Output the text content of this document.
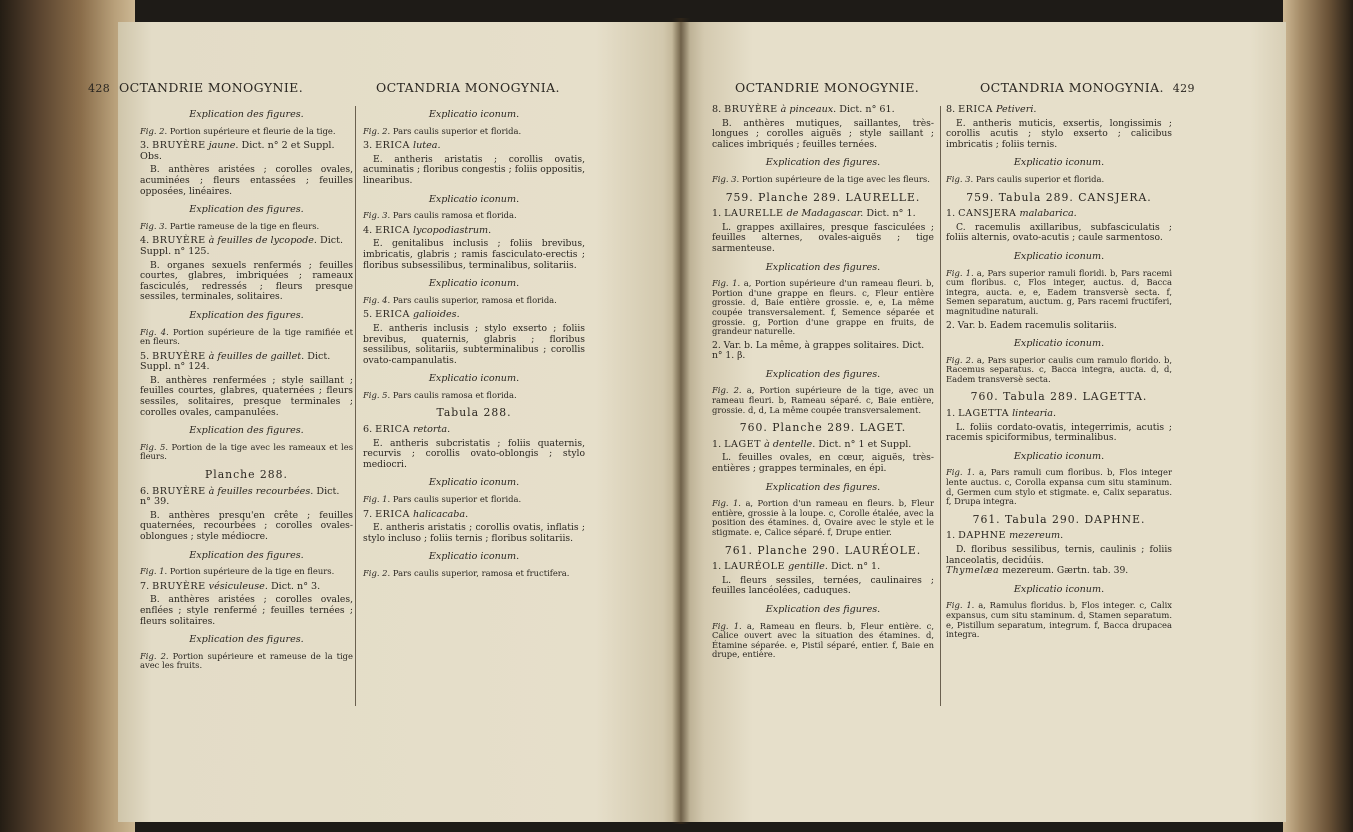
428 OCTANDRIE MONOGYNIE.	OCTANDRIA MONOGYNIA.
Explication des figures.
Fig. 2. Portion supérieure et fleurie de la tige.
3. BRUYÈRE jaune. Dict. n° 2 et Suppl. Obs.
B. anthères aristées ; corolles ovales, acuminées ; fleurs entassées ; feuilles opposées, linéaires.
Explication des figures.
Fig. 3. Partie rameuse de la tige en fleurs.
4. BRUYÈRE à feuilles de lycopode. Dict. Suppl. n° 125.
B. organes sexuels renfermés ; feuilles courtes, glabres, imbriquées ; rameaux fasciculés, redressés ; fleurs presque sessiles, terminales, solitaires.
Explication des figures.
Fig. 4. Portion supérieure de la tige ramifiée et en fleurs.
5. BRUYÈRE à feuilles de gaillet. Dict. Suppl. n° 124.
B. anthères renfermées ; style saillant ; feuilles courtes, glabres, quaternées ; fleurs sessiles, solitaires, presque terminales ; corolles ovales, campanulées.
Explication des figures.
Fig. 5. Portion de la tige avec les rameaux et les fleurs.
Planche 288.
6. BRUYÈRE à feuilles recourbées. Dict. n° 39.
B. anthères presqu'en crête ; feuilles quaternées, recourbées ; corolles ovales-oblongues ; style médiocre.
Explication des figures.
Fig. 1. Portion supérieure de la tige en fleurs.
7. BRUYÈRE vésiculeuse. Dict. n° 3.
B. anthères aristées ; corolles ovales, enflées ; style renfermé ; feuilles ternées ; fleurs solitaires.
Explication des figures.
Fig. 2. Portion supérieure et rameuse de la tige avec les fruits.
Explicatio iconum.
Fig. 2. Pars caulis superior et florida.
3. ERICA lutea.
E. antheris aristatis ; corollis ovatis, acuminatis ; floribus congestis ; foliis oppositis, linearibus.
Explicatio iconum.
Fig. 3. Pars caulis ramosa et florida.
4. ERICA lycopodiastrum.
E. genitalibus inclusis ; foliis brevibus, imbricatis, glabris ; ramis fasciculato-erectis ; floribus subsessilibus, terminalibus, solitariis.
Explicatio iconum.
Fig. 4. Pars caulis superior, ramosa et florida.
5. ERICA galioides.
E. antheris inclusis ; stylo exserto ; foliis brevibus, quaternis, glabris ; floribus sessilibus, solitariis, subterminalibus ; corollis ovato-campanulatis.
Explicatio iconum.
Fig. 5. Pars caulis ramosa et florida.
Tabula 288.
6. ERICA retorta.
E. antheris subcristatis ; foliis quaternis, recurvis ; corollis ovato-oblongis ; stylo mediocri.
Explicatio iconum.
Fig. 1. Pars caulis superior et florida.
7. ERICA halicacaba.
E. antheris aristatis ; corollis ovatis, inflatis ; stylo incluso ; foliis ternis ; floribus solitariis.
Explicatio iconum.
Fig. 2. Pars caulis superior, ramosa et fructifera.
OCTANDRIE MONOGYNIE.	OCTANDRIA MONOGYNIA. 429
8. BRUYÈRE à pinceaux. Dict. n° 61.
B. anthères mutiques, saillantes, très-longues ; corolles aiguës ; style saillant ; calices imbriqués ; feuilles ternées.
Explication des figures.
Fig. 3. Portion supérieure de la tige avec les fleurs.
759. Planche 289. LAURELLE.
1. LAURELLE de Madagascar. Dict. n° 1.
L. grappes axillaires, presque fasciculées ; feuilles alternes, ovales-aiguës ; tige sarmenteuse.
Explication des figures.
Fig. 1. a, Portion supérieure d'un rameau fleuri. b, Portion d'une grappe en fleurs. c, Fleur entière grossie. d, Baie entière grossie. e, e, La même coupée transversalement. f, Semence séparée et grossie. g, Portion d'une grappe en fruits, de grandeur naturelle.
2. Var. b. La même, à grappes solitaires. Dict. n° 1. β.
Explication des figures.
Fig. 2. a, Portion supérieure de la tige, avec un rameau fleuri. b, Rameau séparé. c, Baie entière, grossie. d, d, La même coupée transversalement.
760. Planche 289. LAGET.
1. LAGET à dentelle. Dict. n° 1 et Suppl.
L. feuilles ovales, en cœur, aiguës, très-entières ; grappes terminales, en épi.
Explication des figures.
Fig. 1. a, Portion d'un rameau en fleurs. b, Fleur entière, grossie à la loupe. c, Corolle étalée, avec la position des étamines. d, Ovaire avec le style et le stigmate. e, Calice séparé. f, Drupe entier.
761. Planche 290. LAURÉOLE.
1. LAURÉOLE gentille. Dict. n° 1.
L. fleurs sessiles, ternées, caulinaires ; feuilles lancéolées, caduques.
Explication des figures.
Fig. 1. a, Rameau en fleurs. b, Fleur entière. c, Calice ouvert avec la situation des étamines. d, Étamine séparée. e, Pistil séparé, entier. f, Baie en drupe, entière.
8. ERICA Petiveri.
E. antheris muticis, exsertis, longissimis ; corollis acutis ; stylo exserto ; calicibus imbricatis ; foliis ternis.
Explicatio iconum.
Fig. 3. Pars caulis superior et florida.
759. Tabula 289. CANSJERA.
1. CANSJERA malabarica.
C. racemulis axillaribus, subfasciculatis ; foliis alternis, ovato-acutis ; caule sarmentoso.
Explicatio iconum.
Fig. 1. a, Pars superior ramuli floridi. b, Pars racemi cum floribus. c, Flos integer, auctus. d, Bacca integra, aucta. e, e, Eadem transversè secta. f, Semen separatum, auctum. g, Pars racemi fructiferi, magnitudine naturali.
2. Var. b. Eadem racemulis solitariis.
Explicatio iconum.
Fig. 2. a, Pars superior caulis cum ramulo florido. b, Racemus separatus. c, Bacca integra, aucta. d, d, Eadem transversè secta.
760. Tabula 289. LAGETTA.
1. LAGETTA lintearia.
L. foliis cordato-ovatis, integerrimis, acutis ; racemis spiciformibus, terminalibus.
Explicatio iconum.
Fig. 1. a, Pars ramuli cum floribus. b, Flos integer lente auctus. c, Corolla expansa cum situ staminum. d, Germen cum stylo et stigmate. e, Calix separatus. f, Drupa integra.
761. Tabula 290. DAPHNE.
1. DAPHNE mezereum.
D. floribus sessilibus, ternis, caulinis ; foliis lanceolatis, decidúis.
Thymelæa mezereum. Gærtn. tab. 39.
Explicatio iconum.
Fig. 1. a, Ramulus floridus. b, Flos integer. c, Calix expansus, cum situ staminum. d, Stamen separatum. e, Pistillum separatum, integrum. f, Bacca drupacea integra.
